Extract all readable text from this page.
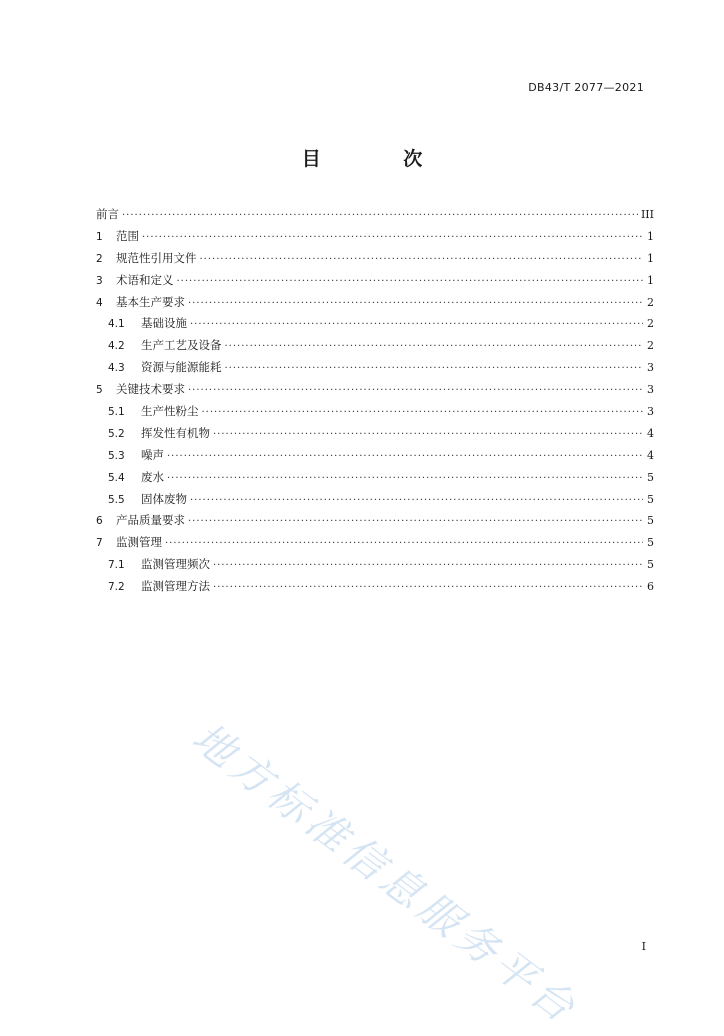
DB43/T 2077—2021
目 次
前言 ·····	III
1	范围 ·····	1
2	规范性引用文件 ·····	1
3	术语和定义 ·····	1
4	基本生产要求 ·····	2
4.1	基础设施 ·····	2
4.2	生产工艺及设备 ·····	2
4.3	资源与能源能耗 ·····	3
5	关键技术要求 ·····	3
5.1	生产性粉尘 ·····	3
5.2	挥发性有机物 ·····	4
5.3	噪声 ·····	4
5.4	废水 ·····	5
5.5	固体废物 ·····	5
6	产品质量要求 ·····	5
7	监测管理 ·····	5
7.1	监测管理频次 ·····	5
7.2	监测管理方法 ·····	6
地方标准信息服务平台	I
